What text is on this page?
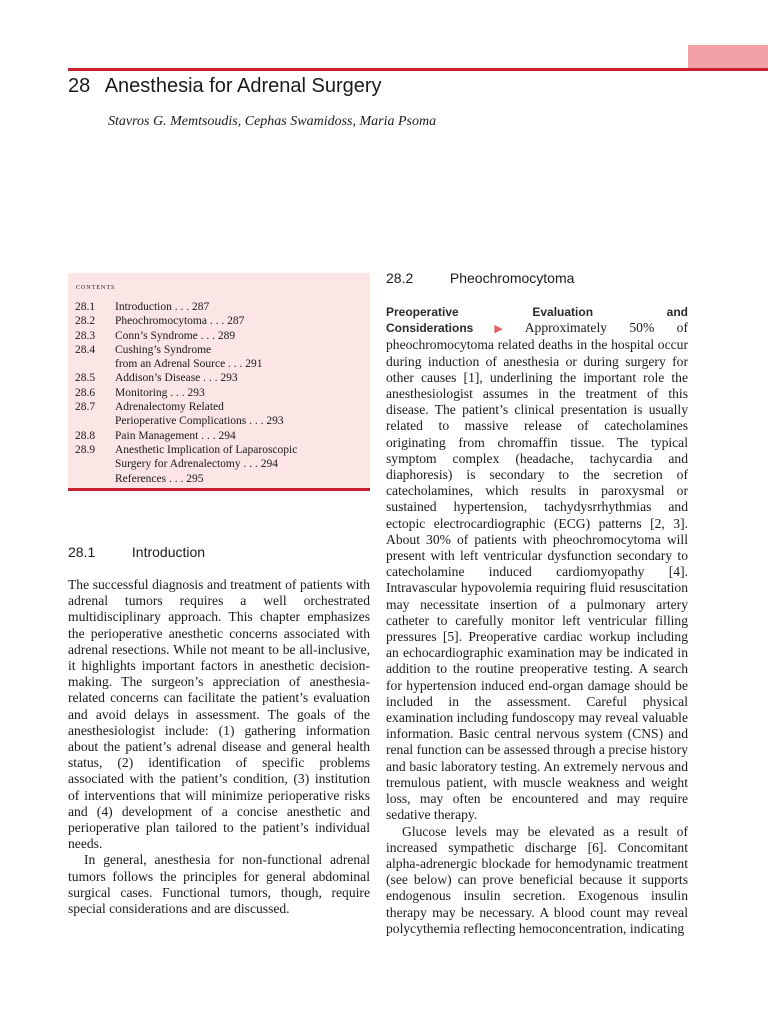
28 Anesthesia for Adrenal Surgery
Stavros G. Memtsoudis, Cephas Swamidoss, Maria Psoma
contents
28.1	Introduction . . . 287
28.2	Pheochromocytoma . . . 287
28.3	Conn’s Syndrome . . . 289
28.4	Cushing’s Syndrome
from an Adrenal Source . . . 291
28.5	Addison’s Disease . . . 293
28.6	Monitoring . . . 293
28.7	Adrenalectomy Related
Perioperative Complications . . . 293
28.8	Pain Management . . . 294
28.9	Anesthetic Implication of Laparoscopic
Surgery for Adrenalectomy . . . 294
References . . . 295
28.1	Introduction

The successful diagnosis and treatment of patients with adrenal tumors requires a well orchestrated multidisciplinary approach. This chapter emphasizes the perioperative anesthetic concerns associated with adrenal resections. While not meant to be all-inclusive, it highlights important factors in anesthetic decision-making. The surgeon’s appreciation of anesthesia-related concerns can facilitate the patient’s evaluation and avoid delays in assessment. The goals of the anesthesiologist include: (1) gathering information about the patient’s adrenal disease and general health status, (2) identification of specific problems associated with the patient’s condition, (3) institution of interventions that will minimize perioperative risks and (4) development of a concise anesthetic and perioperative plan tailored to the patient’s individual needs.

In general, anesthesia for non-functional adrenal tumors follows the principles for general abdominal surgical cases. Functional tumors, though, require special considerations and are discussed.

28.2	Pheochromocytoma

Preoperative Evaluation and Considerations ▶ Approximately 50% of pheochromocytoma related deaths in the hospital occur during induction of anesthesia or during surgery for other causes [1], underlining the important role the anesthesiologist assumes in the treatment of this disease. The patient’s clinical presentation is usually related to massive release of catecholamines originating from chromaffin tissue. The typical symptom complex (headache, tachycardia and diaphoresis) is secondary to the secretion of catecholamines, which results in paroxysmal or sustained hypertension, tachydysrrhythmias and ectopic electrocardiographic (ECG) patterns [2, 3]. About 30% of patients with pheochromocytoma will present with left ventricular dysfunction secondary to catecholamine induced cardiomyopathy [4]. Intravascular hypovolemia requiring fluid resuscitation may necessitate insertion of a pulmonary artery catheter to carefully monitor left ventricular filling pressures [5]. Preoperative cardiac workup including an echocardiographic examination may be indicated in addition to the routine preoperative testing. A search for hypertension induced end-organ damage should be included in the assessment. Careful physical examination including fundoscopy may reveal valuable information. Basic central nervous system (CNS) and renal function can be assessed through a precise history and basic laboratory testing. An extremely nervous and tremulous patient, with muscle weakness and weight loss, may often be encountered and may require sedative therapy.

Glucose levels may be elevated as a result of increased sympathetic discharge [6]. Concomitant alpha-adrenergic blockade for hemodynamic treatment (see below) can prove beneficial because it supports endogenous insulin secretion. Exogenous insulin therapy may be necessary. A blood count may reveal polycythemia reflecting hemoconcentration, indicating
